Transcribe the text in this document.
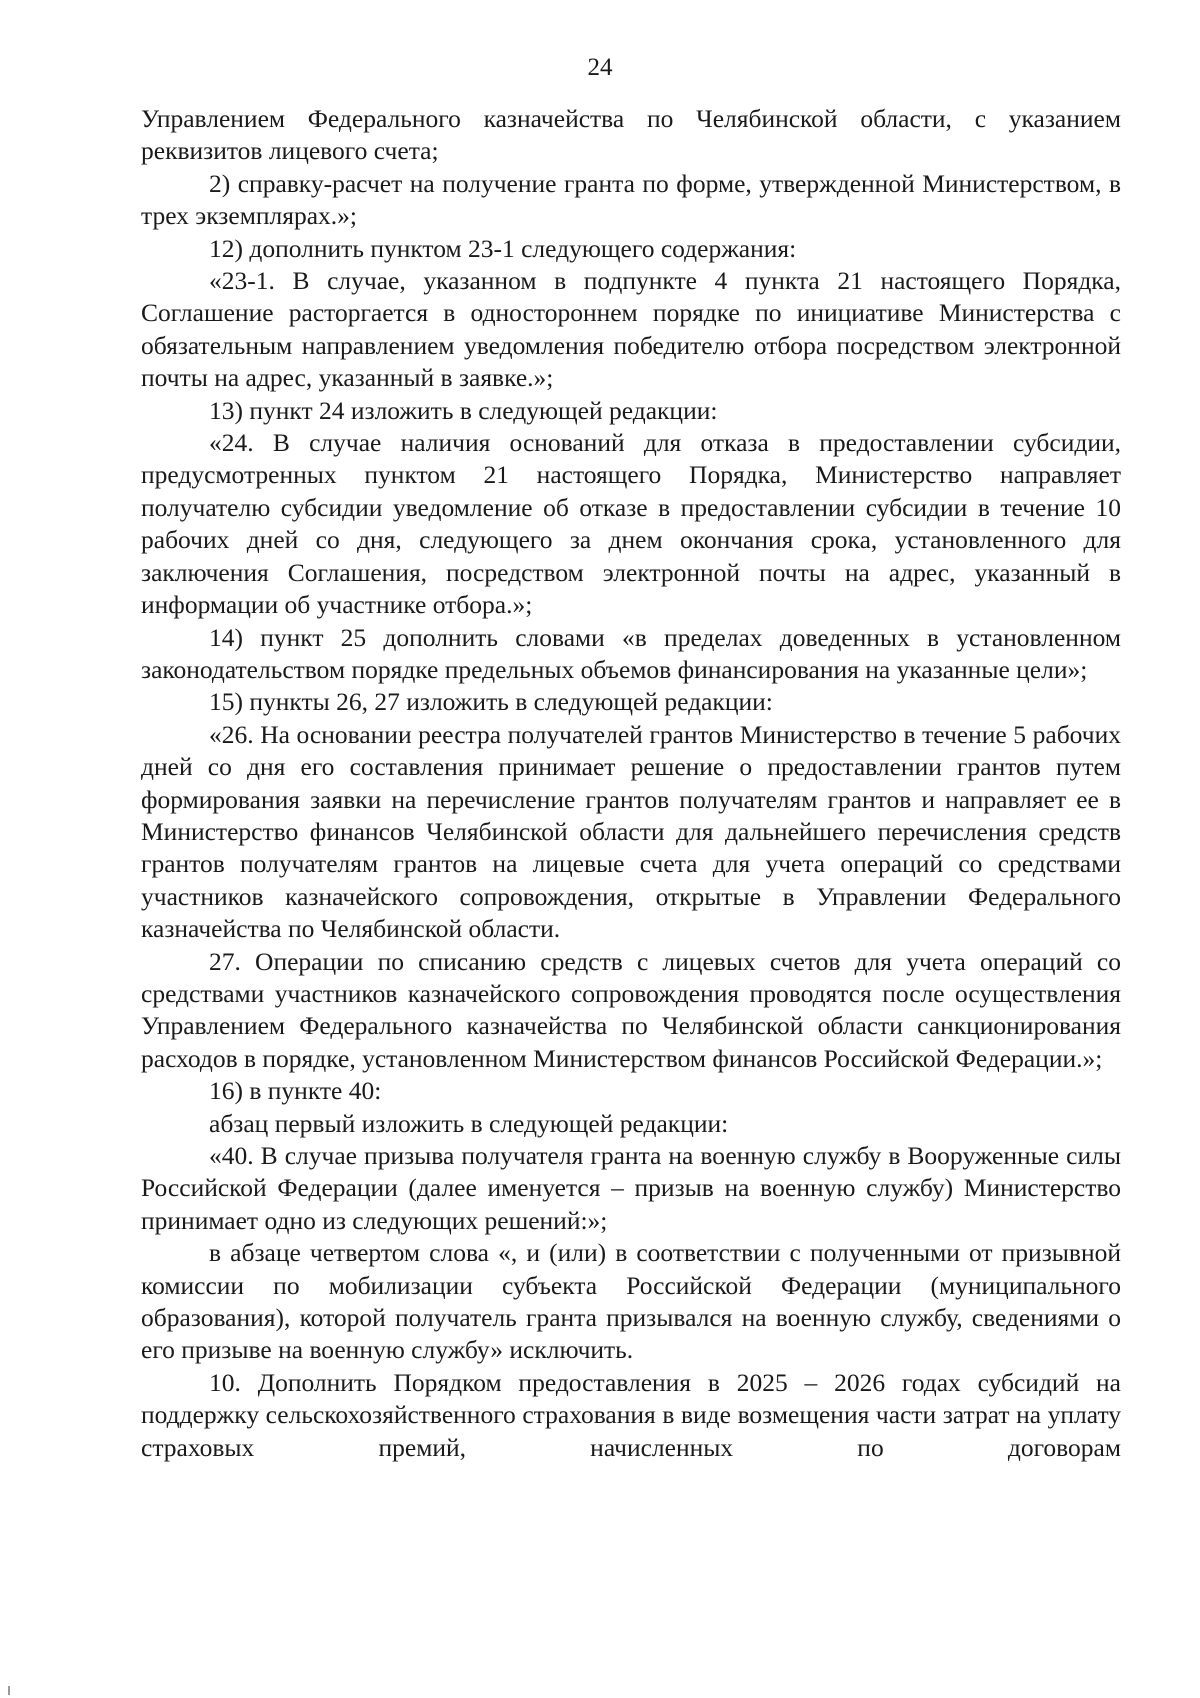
24

Управлением Федерального казначейства по Челябинской области, с указанием реквизитов лицевого счета;

2) справку-расчет на получение гранта по форме, утвержденной Министерством, в трех экземплярах.»;

12) дополнить пунктом 23-1 следующего содержания:

«23-1. В случае, указанном в подпункте 4 пункта 21 настоящего Порядка, Соглашение расторгается в одностороннем порядке по инициативе Министерства с обязательным направлением уведомления победителю отбора посредством электронной почты на адрес, указанный в заявке.»;

13) пункт 24 изложить в следующей редакции:

«24. В случае наличия оснований для отказа в предоставлении субсидии, предусмотренных пунктом 21 настоящего Порядка, Министерство направляет получателю субсидии уведомление об отказе в предоставлении субсидии в течение 10 рабочих дней со дня, следующего за днем окончания срока, установленного для заключения Соглашения, посредством электронной почты на адрес, указанный в информации об участнике отбора.»;

14) пункт 25 дополнить словами «в пределах доведенных в установленном законодательством порядке предельных объемов финансирования на указанные цели»;

15) пункты 26, 27 изложить в следующей редакции:

«26. На основании реестра получателей грантов Министерство в течение 5 рабочих дней со дня его составления принимает решение о предоставлении грантов путем формирования заявки на перечисление грантов получателям грантов и направляет ее в Министерство финансов Челябинской области для дальнейшего перечисления средств грантов получателям грантов на лицевые счета для учета операций со средствами участников казначейского сопровождения, открытые в Управлении Федерального казначейства по Челябинской области.

27. Операции по списанию средств с лицевых счетов для учета операций со средствами участников казначейского сопровождения проводятся после осуществления Управлением Федерального казначейства по Челябинской области санкционирования расходов в порядке, установленном Министерством финансов Российской Федерации.»;

16) в пункте 40:

абзац первый изложить в следующей редакции:

«40. В случае призыва получателя гранта на военную службу в Вооруженные силы Российской Федерации (далее именуется – призыв на военную службу) Министерство принимает одно из следующих решений:»;

в абзаце четвертом слова «, и (или) в соответствии с полученными от призывной комиссии по мобилизации субъекта Российской Федерации (муниципального образования), которой получатель гранта призывался на военную службу, сведениями о его призыве на военную службу» исключить.

10. Дополнить Порядком предоставления в 2025 – 2026 годах субсидий на поддержку сельскохозяйственного страхования в виде возмещения части затрат на уплату страховых премий, начисленных по договорам
